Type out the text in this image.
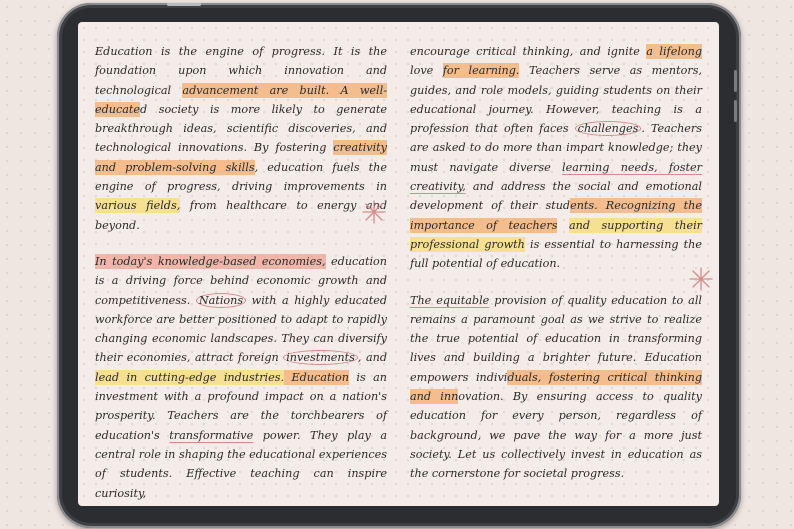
Education is the engine of progress. It is the foundation upon which innovation and technological advancement are built. A well-educated society is more likely to generate breakthrough ideas, scientific discoveries, and technological innovations. By fostering creativity and problem-solving skills, education fuels the engine of progress, driving improvements in various fields, from healthcare to energy and beyond.

In today's knowledge-based economies, education is a driving force behind economic growth and competitiveness. Nations with a highly educated workforce are better positioned to adapt to rapidly changing economic landscapes. They can diversify their economies, attract foreign investments , and lead in cutting-edge industries. Education is an investment with a profound impact on a nation's prosperity. Teachers are the torchbearers of education's transformative power. They play a central role in shaping the educational experiences of students. Effective teaching can inspire curiosity,

encourage critical thinking, and ignite a lifelong love for learning. Teachers serve as mentors, guides, and role models, guiding students on their educational journey. However, teaching is a profession that often faces challenges . Teachers are asked to do more than impart knowledge; they must navigate diverse learning needs, foster creativity, and address the social and emotional development of their students. Recognizing the importance of teachers and supporting their professional growth is essential to harnessing the full potential of education.

The equitable provision of quality education to all remains a paramount goal as we strive to realize the true potential of education in transforming lives and building a brighter future. Education empowers individuals, fostering critical thinking and innovation. By ensuring access to quality education for every person, regardless of background, we pave the way for a more just society. Let us collectively invest in education as the cornerstone for societal progress.
